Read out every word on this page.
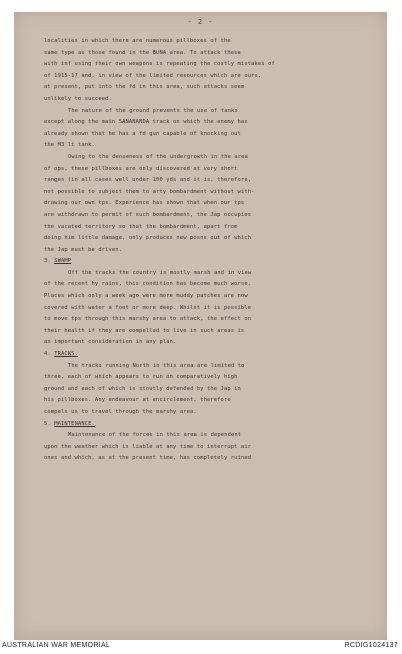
- 2 -
localities in which there are numerous pillboxes of the
same type as those found in the BUNA area. To attack these
with inf using their own weapons is repeating the costly mistakes of
of 1915-17 and, in view of the limited resources which are ours,
at present, put into the fd in this area, such attacks seem
unlikely to succeed.
The nature of the ground prevents the use of tanks
except along the main SANANANDA track on which the enemy has
already shown that he has a fd gun capable of knocking out
the M3 lt tank.
Owing to the denseness of the undergrowth in the area
of ops, these pillboxes are only discovered at very short
ranges (in all cases well under 100 yds and it is, therefore,
not possible to subject them to arty bombardment without with-
drawing our own tps. Experience has shown that when our tps
are withdrawn to permit of such bombardment, the Jap occupies
the vacated territory so that the bombardment, apart from
doing him little damage, only produces new posns out of which
the Jap must be driven.
3. SWAMP
Off the tracks the country is mostly marsh and in view
of the recent hy rains, this condition has become much worse.
Places which only a week ago were more muddy patches are now
covered with water a foot or more deep. Whilst it is possible
to move tps through this marshy area to attack, the effect on
their health if they are compelled to live in such areas is
an important consideration in any plan.
4. TRACKS.
The tracks running North in this area are limited to
three, each of which appears to run on comparatively high
ground and each of which is stoutly defended by the Jap in
his pillboxes. Any endeavour at encirclement, therefore
compels us to travel through the marshy area.
5. MAINTENANCE.
Maintenance of the forces in this area is dependent
upon the weather which is liable at any time to interrupt air
ones and which, as at the present time, has completely ruined
AUSTRALIAN WAR MEMORIAL	RCDIG1024137
